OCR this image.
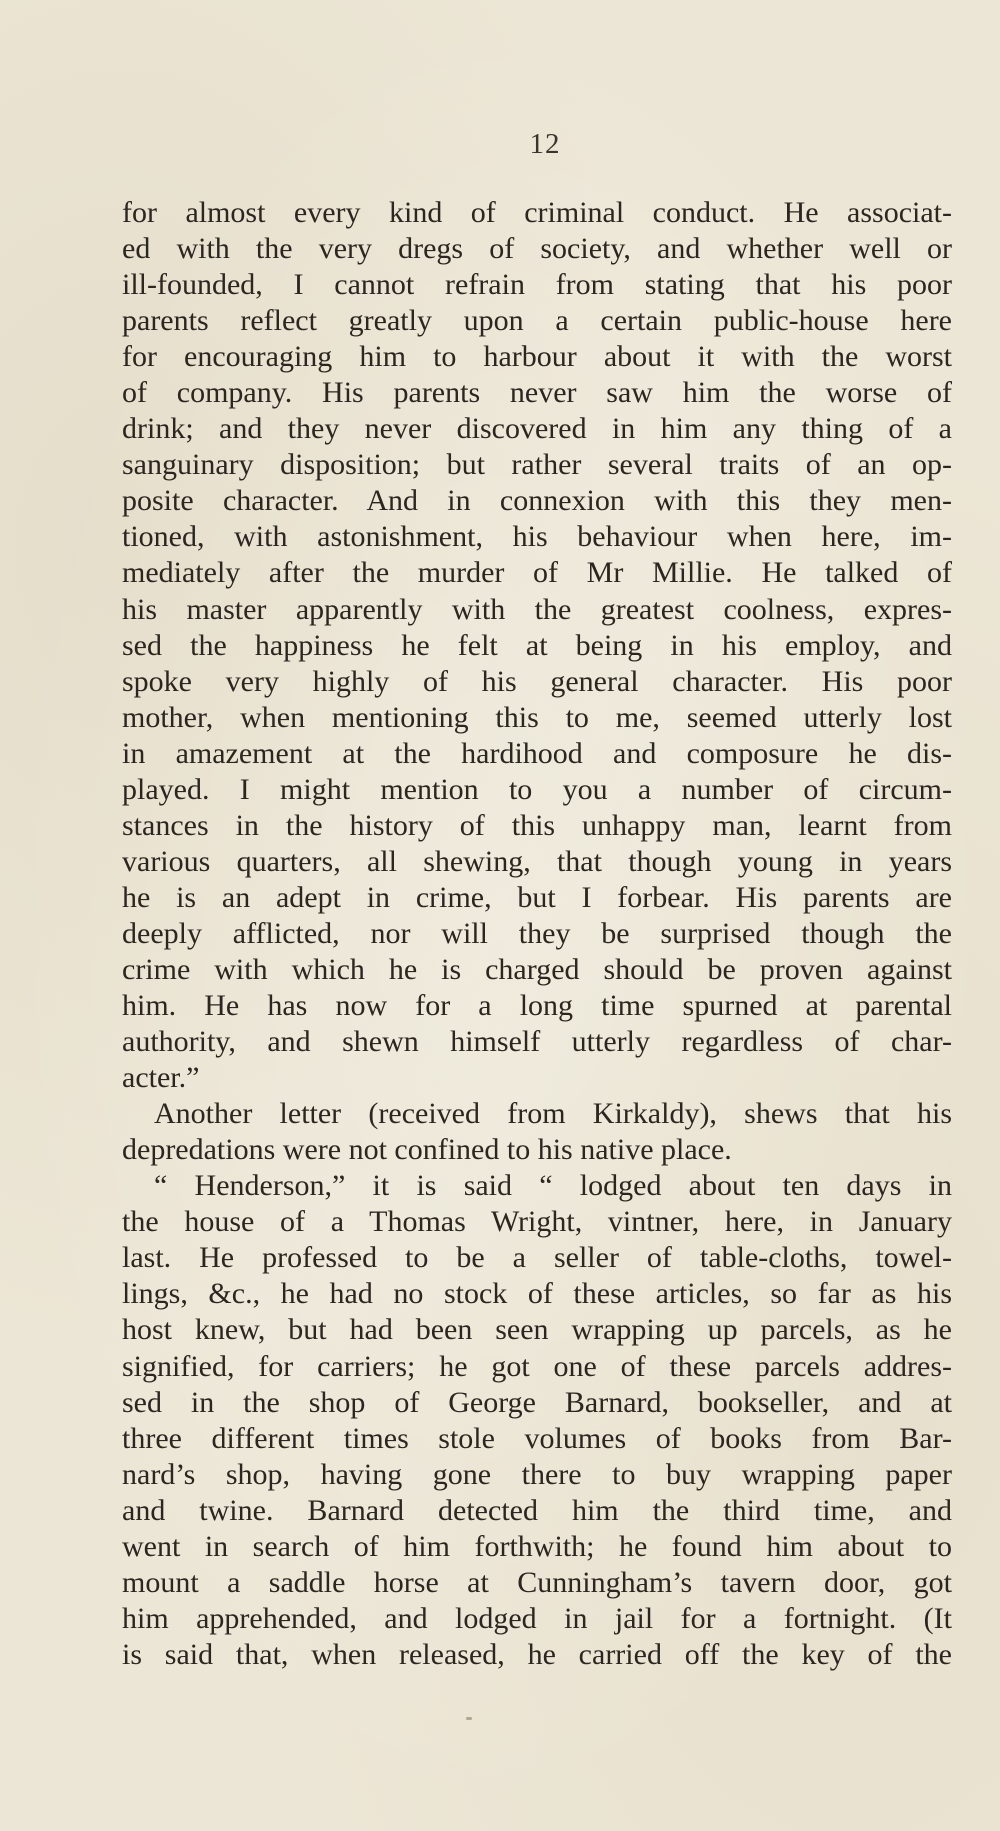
12
for almost every kind of criminal conduct. He associat-
ed with the very dregs of society, and whether well or
ill-founded, I cannot refrain from stating that his poor
parents reflect greatly upon a certain public-house here
for encouraging him to harbour about it with the worst
of company. His parents never saw him the worse of
drink; and they never discovered in him any thing of a
sanguinary disposition; but rather several traits of an op-
posite character. And in connexion with this they men-
tioned, with astonishment, his behaviour when here, im-
mediately after the murder of Mr Millie. He talked of
his master apparently with the greatest coolness, expres-
sed the happiness he felt at being in his employ, and
spoke very highly of his general character. His poor
mother, when mentioning this to me, seemed utterly lost
in amazement at the hardihood and composure he dis-
played. I might mention to you a number of circum-
stances in the history of this unhappy man, learnt from
various quarters, all shewing, that though young in years
he is an adept in crime, but I forbear. His parents are
deeply afflicted, nor will they be surprised though the
crime with which he is charged should be proven against
him. He has now for a long time spurned at parental
authority, and shewn himself utterly regardless of char-
acter.”
Another letter (received from Kirkaldy), shews that his
depredations were not confined to his native place.
“ Henderson,” it is said “ lodged about ten days in
the house of a Thomas Wright, vintner, here, in January
last. He professed to be a seller of table-cloths, towel-
lings, &c., he had no stock of these articles, so far as his
host knew, but had been seen wrapping up parcels, as he
signified, for carriers; he got one of these parcels addres-
sed in the shop of George Barnard, bookseller, and at
three different times stole volumes of books from Bar-
nard’s shop, having gone there to buy wrapping paper
and twine. Barnard detected him the third time, and
went in search of him forthwith; he found him about to
mount a saddle horse at Cunningham’s tavern door, got
him apprehended, and lodged in jail for a fortnight. (It
is said that, when released, he carried off the key of the
